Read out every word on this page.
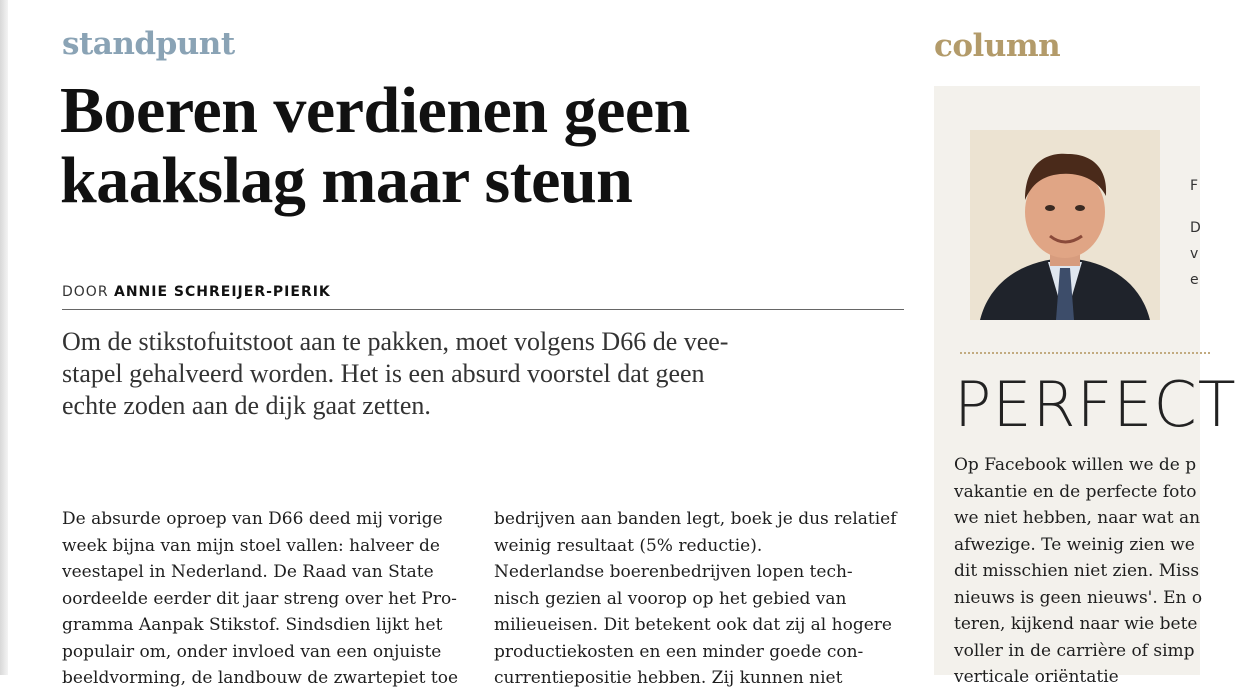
standpunt
Boeren verdienen geen
kaakslag maar steun
DOOR ANNIE SCHREIJER-PIERIK

Om de stikstofuitstoot aan te pakken, moet volgens D66 de vee-
stapel gehalveerd worden. Het is een absurd voorstel dat geen
echte zoden aan de dijk gaat zetten.

De absurde oproep van D66 deed mij vorige
week bijna van mijn stoel vallen: halveer de
veestapel in Nederland. De Raad van State
oordeelde eerder dit jaar streng over het Pro-
gramma Aanpak Stikstof. Sindsdien lijkt het
populair om, onder invloed van een onjuiste
beeldvorming, de landbouw de zwartepiet toe
bedrijven aan banden legt, boek je dus relatief
weinig resultaat (5% reductie).
Nederlandse boerenbedrijven lopen tech-
nisch gezien al voorop op het gebied van
milieueisen. Dit betekent ook dat zij al hogere
productiekosten en een minder goede con-
currentiepositie hebben. Zij kunnen niet
column
F
D
v
e
PERFECT
Op Facebook willen we de p
vakantie en de perfecte foto
we niet hebben, naar wat an
afwezige. Te weinig zien we
dit misschien niet zien. Miss
nieuws is geen nieuws'. En o
teren, kijkend naar wie bete
voller in de carrière of simp
verticale oriëntatie
